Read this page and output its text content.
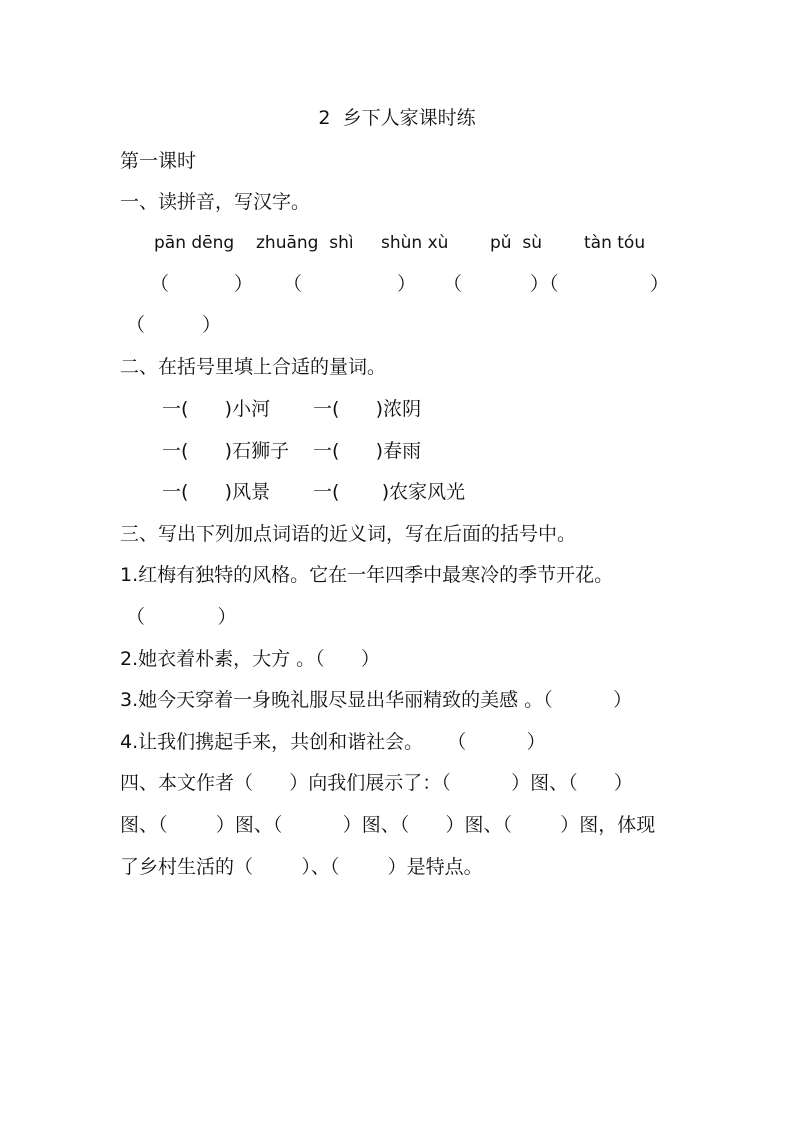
2  乡下人家课时练
第一课时
一、读拼音，写汉字。
pān dēng zhuāng  shì shùn xù pǔ  sù tàn tóu
（	） （	） （	）（	）
（	）
二、在括号里填上合适的量词。
一(      )小河 一(      )浓阴
一(      )石狮子 一(      )春雨
一(      )风景 一(       )农家风光
三、写出下列加点词语的近义词，写在后面的括号中。
1.红梅有独特的风格。它在一年四季中最寒冷的季节开花。
（            ）
2.她衣着朴素，大方 。（      ）
3.她今天穿着一身晚礼服尽显出华丽精致的美感 。（          ）
4.让我们携起手来，共创和谐社会。    （          ）
四、本文作者（      ）向我们展示了：（          ）图、（      ）
图、（        ）图、（          ）图、（      ）图、（        ）图，体现
了乡村生活的（        ）、（        ）是特点。
